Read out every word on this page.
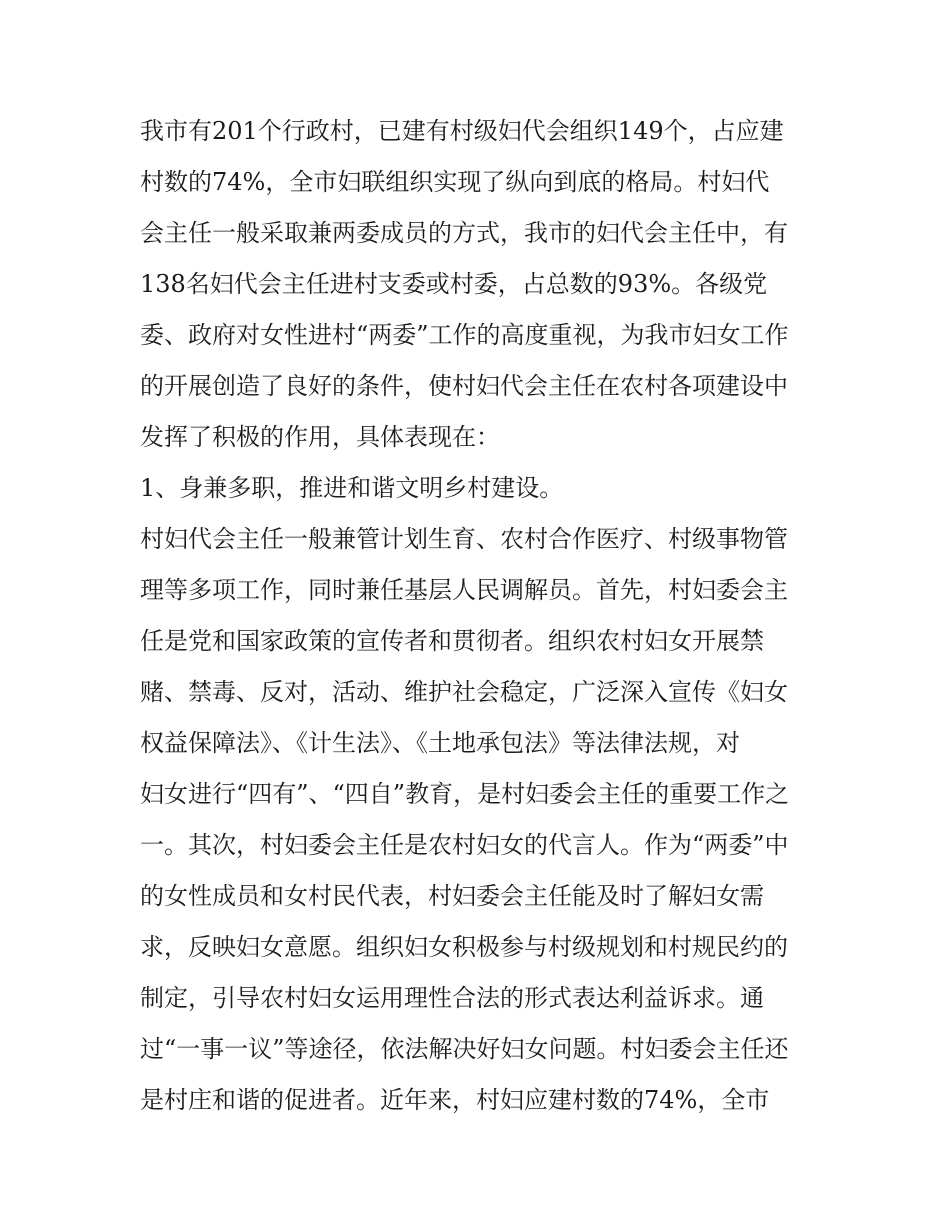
我市有201个行政村，已建有村级妇代会组织149个，占应建
村数的74%，全市妇联组织实现了纵向到底的格局。村妇代
会主任一般采取兼两委成员的方式，我市的妇代会主任中，有
138名妇代会主任进村支委或村委，占总数的93%。各级党
委、政府对女性进村“两委”工作的高度重视，为我市妇女工作
的开展创造了良好的条件，使村妇代会主任在农村各项建设中
发挥了积极的作用，具体表现在：
1、身兼多职，推进和谐文明乡村建设。
村妇代会主任一般兼管计划生育、农村合作医疗、村级事物管
理等多项工作，同时兼任基层人民调解员。首先，村妇委会主
任是党和国家政策的宣传者和贯彻者。组织农村妇女开展禁
赌、禁毒、反对，活动、维护社会稳定，广泛深入宣传《妇女
权益保障法》、《计生法》、《土地承包法》等法律法规，对
妇女进行“四有”、“四自”教育，是村妇委会主任的重要工作之
一。其次，村妇委会主任是农村妇女的代言人。作为“两委”中
的女性成员和女村民代表，村妇委会主任能及时了解妇女需
求，反映妇女意愿。组织妇女积极参与村级规划和村规民约的
制定，引导农村妇女运用理性合法的形式表达利益诉求。通
过“一事一议”等途径，依法解决好妇女问题。村妇委会主任还
是村庄和谐的促进者。近年来，村妇应建村数的74%，全市
